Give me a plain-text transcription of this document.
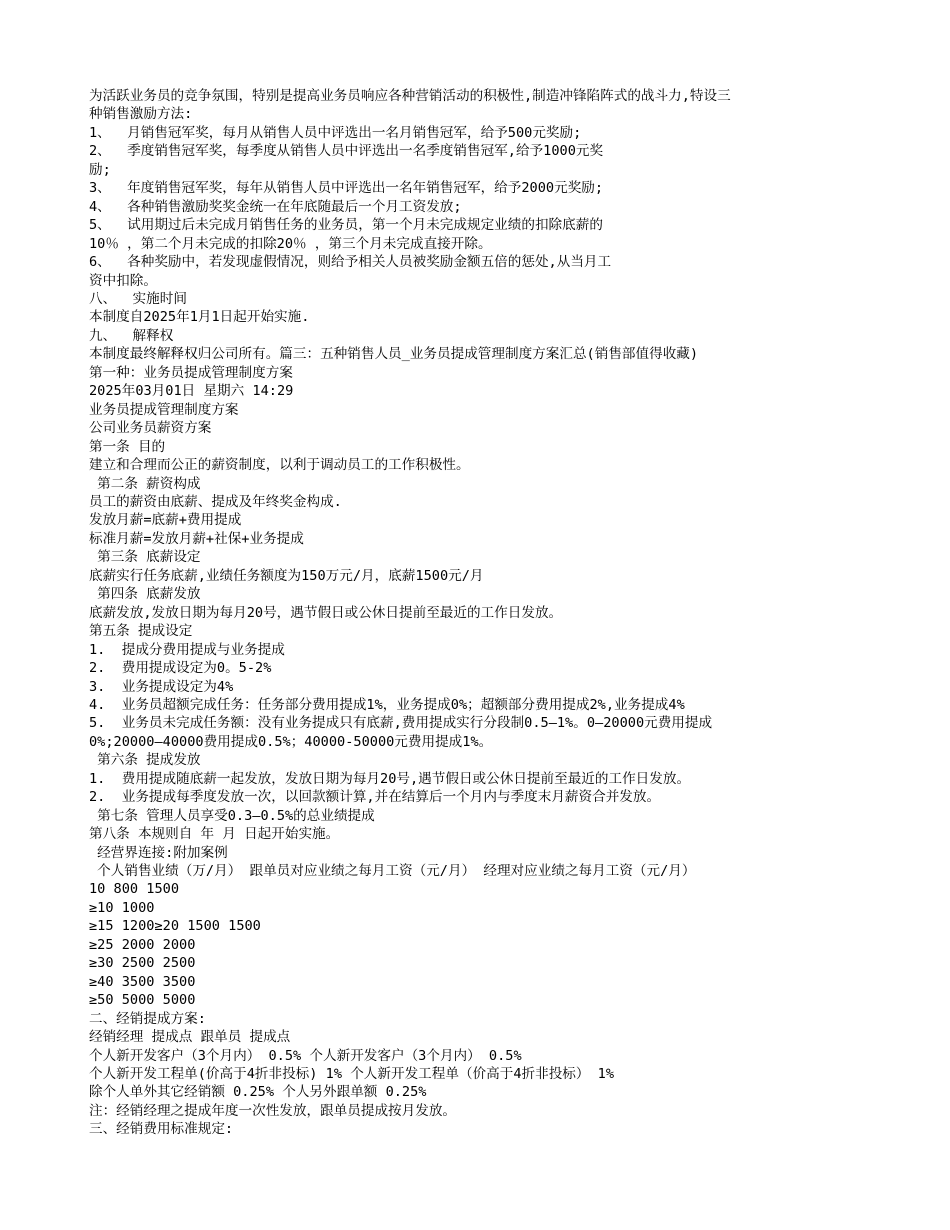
为活跃业务员的竞争氛围，特别是提高业务员响应各种营销活动的积极性,制造冲锋陷阵式的战斗力,特设三
种销售激励方法:
1、  月销售冠军奖，每月从销售人员中评选出一名月销售冠军，给予500元奖励;
2、  季度销售冠军奖，每季度从销售人员中评选出一名季度销售冠军,给予1000元奖
励;
3、  年度销售冠军奖，每年从销售人员中评选出一名年销售冠军，给予2000元奖励;
4、  各种销售激励奖奖金统一在年底随最后一个月工资发放;
5、  试用期过后未完成月销售任务的业务员，第一个月未完成规定业绩的扣除底薪的
10％ ，第二个月未完成的扣除20％ ，第三个月未完成直接开除。
6、  各种奖励中，若发现虚假情况，则给予相关人员被奖励金额五倍的惩处,从当月工
资中扣除。
八、  实施时间
本制度自2025年1月1日起开始实施.
九、  解释权
本制度最终解释权归公司所有。篇三：五种销售人员_业务员提成管理制度方案汇总(销售部值得收藏)
第一种：业务员提成管理制度方案
2025年03月01日 星期六 14:29
业务员提成管理制度方案
公司业务员薪资方案
第一条 目的
建立和合理而公正的薪资制度，以利于调动员工的工作积极性。
第二条 薪资构成
员工的薪资由底薪、提成及年终奖金构成.
发放月薪=底薪+费用提成
标准月薪=发放月薪+社保+业务提成
第三条 底薪设定
底薪实行任务底薪,业绩任务额度为150万元/月，底薪1500元/月
第四条 底薪发放
底薪发放,发放日期为每月20号，遇节假日或公休日提前至最近的工作日发放。
第五条 提成设定
1.  提成分费用提成与业务提成
2.  费用提成设定为0。5-2%
3.  业务提成设定为4%
4.  业务员超额完成任务：任务部分费用提成1%，业务提成0%；超额部分费用提成2%,业务提成4%
5.  业务员未完成任务额：没有业务提成只有底薪,费用提成实行分段制0.5—1%。0—20000元费用提成
0%;20000—40000费用提成0.5%；40000-50000元费用提成1%。
第六条 提成发放
1.  费用提成随底薪一起发放，发放日期为每月20号,遇节假日或公休日提前至最近的工作日发放。
2.  业务提成每季度发放一次，以回款额计算,并在结算后一个月内与季度末月薪资合并发放。
第七条 管理人员享受0.3—0.5%的总业绩提成
第八条 本规则自 年 月 日起开始实施。
经营界连接:附加案例
个人销售业绩（万/月） 跟单员对应业绩之每月工资（元/月） 经理对应业绩之每月工资（元/月）
10 800 1500
≥10 1000
≥15 1200≥20 1500 1500
≥25 2000 2000
≥30 2500 2500
≥40 3500 3500
≥50 5000 5000
二、经销提成方案:
经销经理 提成点 跟单员 提成点
个人新开发客户（3个月内） 0.5% 个人新开发客户（3个月内） 0.5%
个人新开发工程单(价高于4折非投标) 1% 个人新开发工程单（价高于4折非投标） 1%
除个人单外其它经销额 0.25% 个人另外跟单额 0.25%
注：经销经理之提成年度一次性发放，跟单员提成按月发放。
三、经销费用标准规定:
